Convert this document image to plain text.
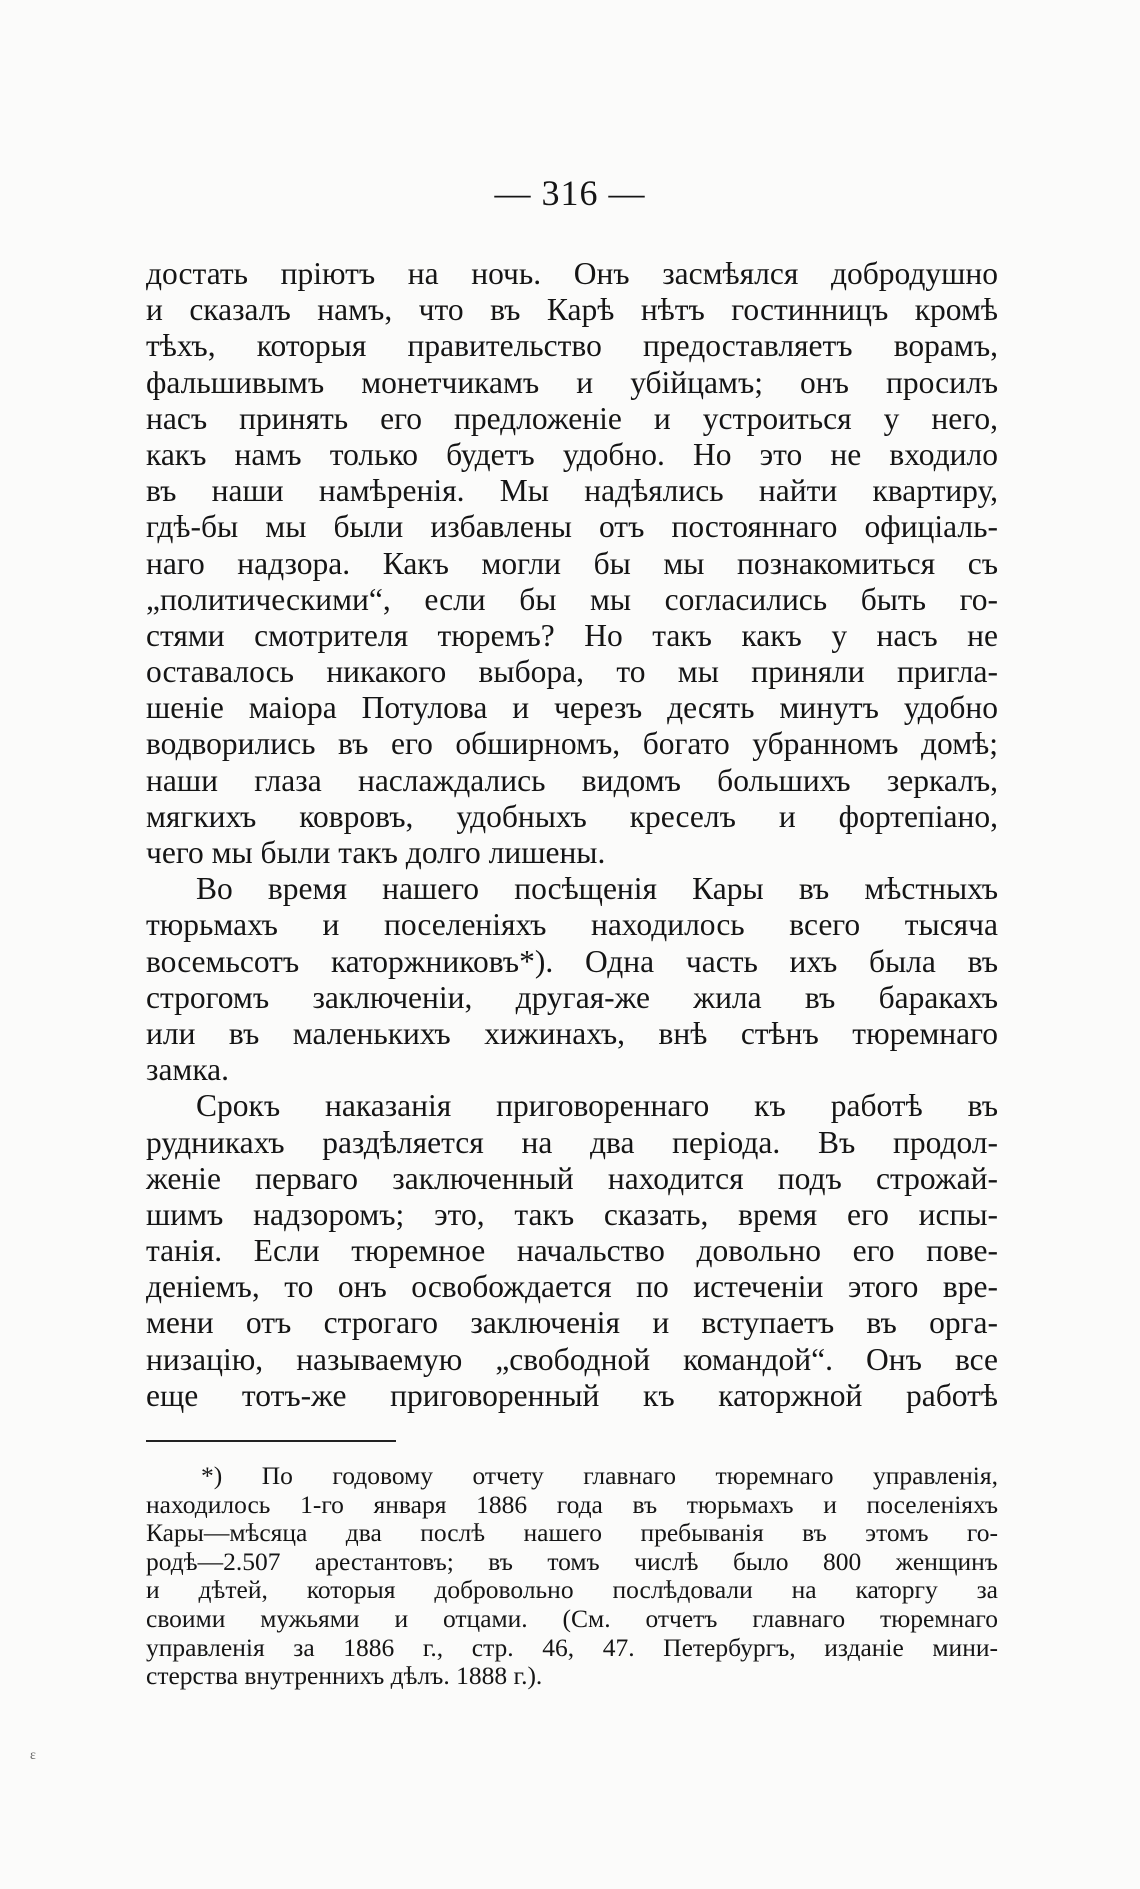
— 316 —
достать пріютъ на ночь. Онъ засмѣялся добродушно
и сказалъ намъ, что въ Карѣ нѣтъ гостинницъ кромѣ
тѣхъ, которыя правительство предоставляетъ ворамъ,
фальшивымъ монетчикамъ и убійцамъ; онъ просилъ
насъ принять его предложеніе и устроиться у него,
какъ намъ только будетъ удобно. Но это не входило
въ наши намѣренія. Мы надѣялись найти квартиру,
гдѣ-бы мы были избавлены отъ постояннаго офиціаль-
наго надзора. Какъ могли бы мы познакомиться съ
„политическими“, если бы мы согласились быть го-
стями смотрителя тюремъ? Но такъ какъ у насъ не
оставалось никакого выбора, то мы приняли пригла-
шеніе маіора Потулова и черезъ десять минутъ удобно
водворились въ его обширномъ, богато убранномъ домѣ;
наши глаза наслаждались видомъ большихъ зеркалъ,
мягкихъ ковровъ, удобныхъ креселъ и фортепіано,
чего мы были такъ долго лишены.
Во время нашего посѣщенія Кары въ мѣстныхъ
тюрьмахъ и поселеніяхъ находилось всего тысяча
восемьсотъ каторжниковъ*). Одна часть ихъ была въ
строгомъ заключеніи, другая-же жила въ баракахъ
или въ маленькихъ хижинахъ, внѣ стѣнъ тюремнаго
замка.
Срокъ наказанія приговореннаго къ работѣ въ
рудникахъ раздѣляется на два періода. Въ продол-
женіе перваго заключенный находится подъ строжай-
шимъ надзоромъ; это, такъ сказать, время его испы-
танія. Если тюремное начальство довольно его пове-
деніемъ, то онъ освобождается по истеченіи этого вре-
мени отъ строгаго заключенія и вступаетъ въ орга-
низацію, называемую „свободной командой“. Онъ все
еще тотъ-же приговоренный къ каторжной работѣ
*) По годовому отчету главнаго тюремнаго управленія,
находилось 1-го января 1886 года въ тюрьмахъ и поселеніяхъ
Кары—мѣсяца два послѣ нашего пребыванія въ этомъ го-
родѣ—2.507 арестантовъ; въ томъ числѣ было 800 женщинъ
и дѣтей, которыя добровольно послѣдовали на каторгу за
своими мужьями и отцами. (См. отчетъ главнаго тюремнаго
управленія за 1886 г., стр. 46, 47. Петербургъ, изданіе мини-
стерства внутреннихъ дѣлъ. 1888 г.).
ε
